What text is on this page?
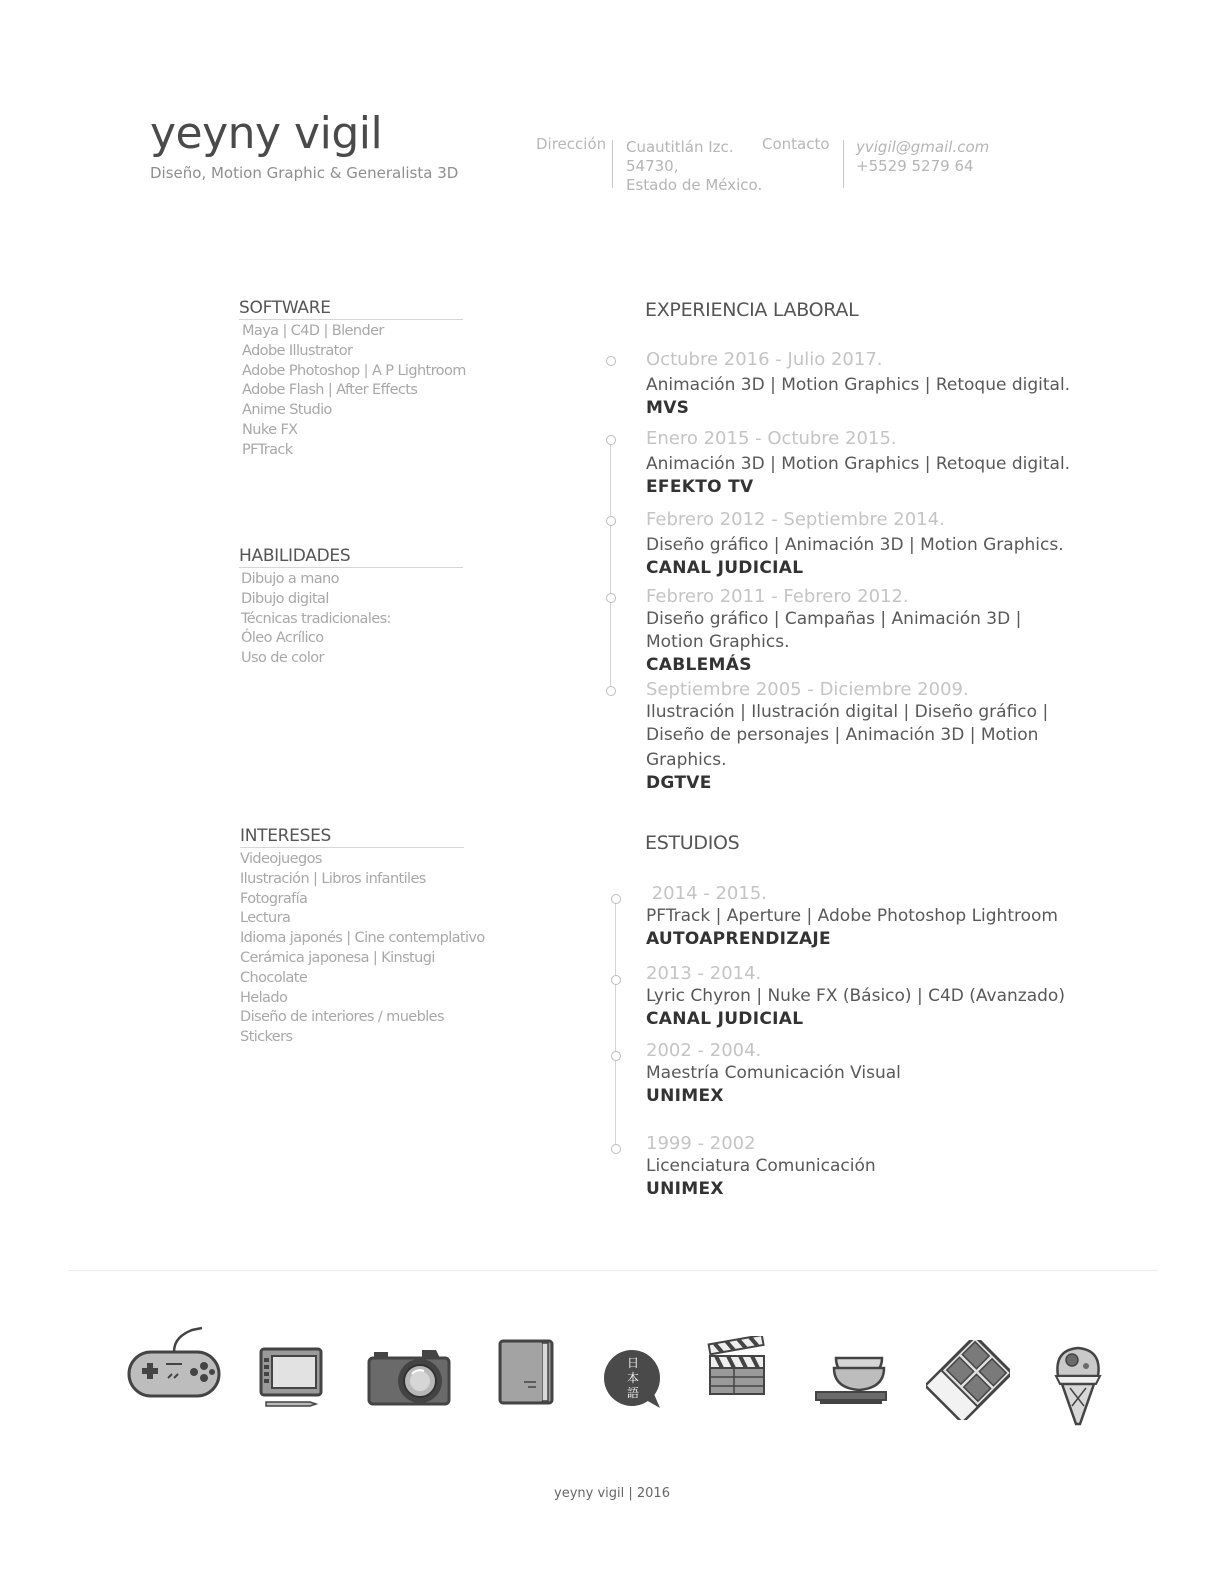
yeyny vigil
Diseño, Motion Graphic & Generalista 3D
Dirección Cuautitlán Izc.
54730,
Estado de México.
Contacto yvigil@gmail.com
+5529 5279 64
SOFTWARE
Maya | C4D | Blender
Adobe Illustrator
Adobe Photoshop | A P Lightroom
Adobe Flash | After Effects
Anime Studio
Nuke FX
PFTrack
HABILIDADES
Dibujo a mano
Dibujo digital
Técnicas tradicionales:
Óleo Acrílico
Uso de color
INTERESES
Videojuegos
Ilustración | Libros infantiles
Fotografía
Lectura
Idioma japonés | Cine contemplativo
Cerámica japonesa | Kinstugi
Chocolate
Helado
Diseño de interiores / muebles
Stickers
EXPERIENCIA LABORAL
Octubre 2016 - Julio 2017.
Animación 3D | Motion Graphics | Retoque digital.
MVS
Enero 2015 - Octubre 2015.
Animación 3D | Motion Graphics | Retoque digital.
EFEKTO TV
Febrero 2012 - Septiembre 2014.
Diseño gráfico | Animación 3D | Motion Graphics.
CANAL JUDICIAL
Febrero 2011 - Febrero 2012.
Diseño gráfico | Campañas | Animación 3D |
Motion Graphics.
CABLEMÁS
Septiembre 2005 - Diciembre 2009.
Ilustración | Ilustración digital | Diseño gráfico |
Diseño de personajes | Animación 3D | Motion
Graphics.
DGTVE
ESTUDIOS
2014 - 2015.
PFTrack | Aperture | Adobe Photoshop Lightroom
AUTOAPRENDIZAJE
2013 - 2014.
Lyric Chyron | Nuke FX (Básico) | C4D (Avanzado)
CANAL JUDICIAL
2002 - 2004.
Maestría Comunicación Visual
UNIMEX
1999 - 2002
Licenciatura Comunicación
UNIMEX
日本語
yeyny vigil | 2016
